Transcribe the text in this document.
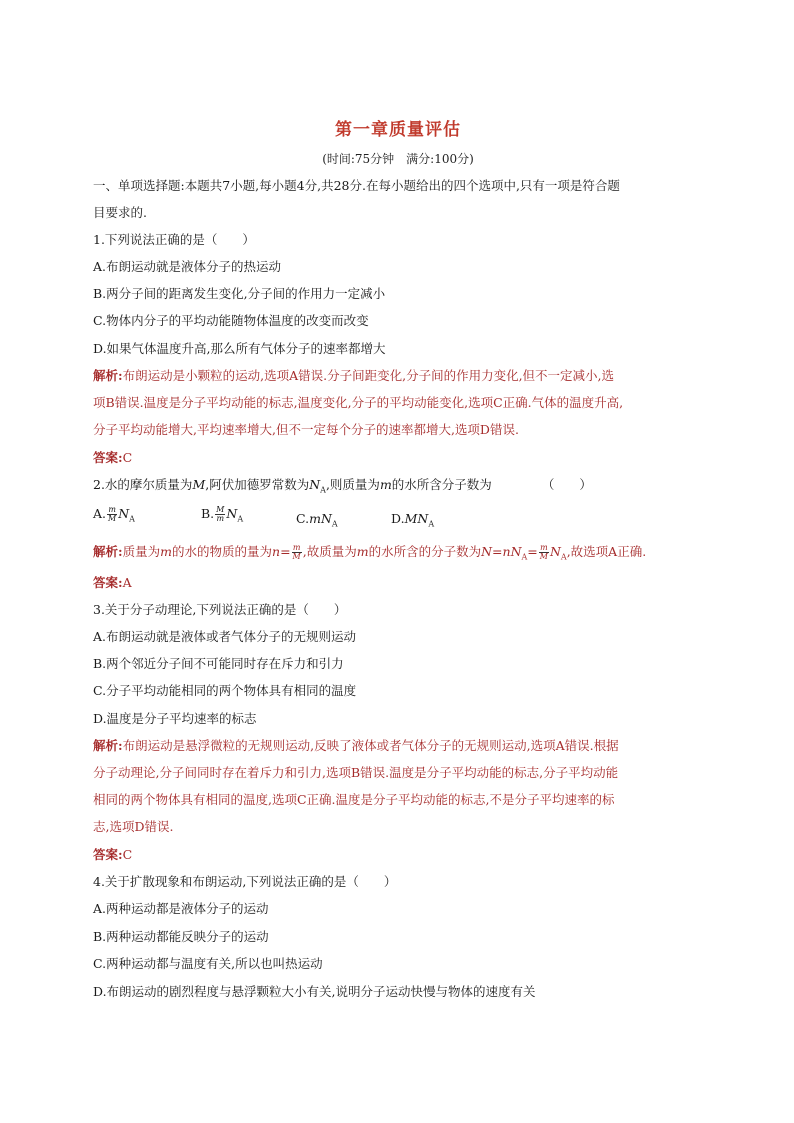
第一章质量评估
(时间:75分钟　满分:100分)
一、单项选择题:本题共7小题,每小题4分,共28分.在每小题给出的四个选项中,只有一项是符合题
目要求的.
1.下列说法正确的是（　　）
A.布朗运动就是液体分子的热运动
B.两分子间的距离发生变化,分子间的作用力一定减小
C.物体内分子的平均动能随物体温度的改变而改变
D.如果气体温度升高,那么所有气体分子的速率都增大
解析:布朗运动是小颗粒的运动,选项A错误.分子间距变化,分子间的作用力变化,但不一定减小,选
项B错误.温度是分子平均动能的标志,温度变化,分子的平均动能变化,选项C正确.气体的温度升高,
分子平均动能增大,平均速率增大,但不一定每个分子的速率都增大,选项D错误.
答案:C
2.水的摩尔质量为M,阿伏加德罗常数为$N_A$,则质量为m的水所含分子数为	（　　）
A. $\frac{m}{M} N_A$	B. $\frac{M}{m} N_A$	$C.mN_A$	$D.MN_A$
解析:质量为m的水的物质的量为$n= \frac{m}{M}$ ,故质量为m的水所含的分子数为$N=nN_A= \frac{m}{M} N_A$,故选项A正确.
答案:A
3.关于分子动理论,下列说法正确的是（　　）
A.布朗运动就是液体或者气体分子的无规则运动
B.两个邻近分子间不可能同时存在斥力和引力
C.分子平均动能相同的两个物体具有相同的温度
D.温度是分子平均速率的标志
解析:布朗运动是悬浮微粒的无规则运动,反映了液体或者气体分子的无规则运动,选项A错误.根据
分子动理论,分子间同时存在着斥力和引力,选项B错误.温度是分子平均动能的标志,分子平均动能
相同的两个物体具有相同的温度,选项C正确.温度是分子平均动能的标志,不是分子平均速率的标
志,选项D错误.
答案:C
4.关于扩散现象和布朗运动,下列说法正确的是（　　）
A.两种运动都是液体分子的运动
B.两种运动都能反映分子的运动
C.两种运动都与温度有关,所以也叫热运动
D.布朗运动的剧烈程度与悬浮颗粒大小有关,说明分子运动快慢与物体的速度有关
